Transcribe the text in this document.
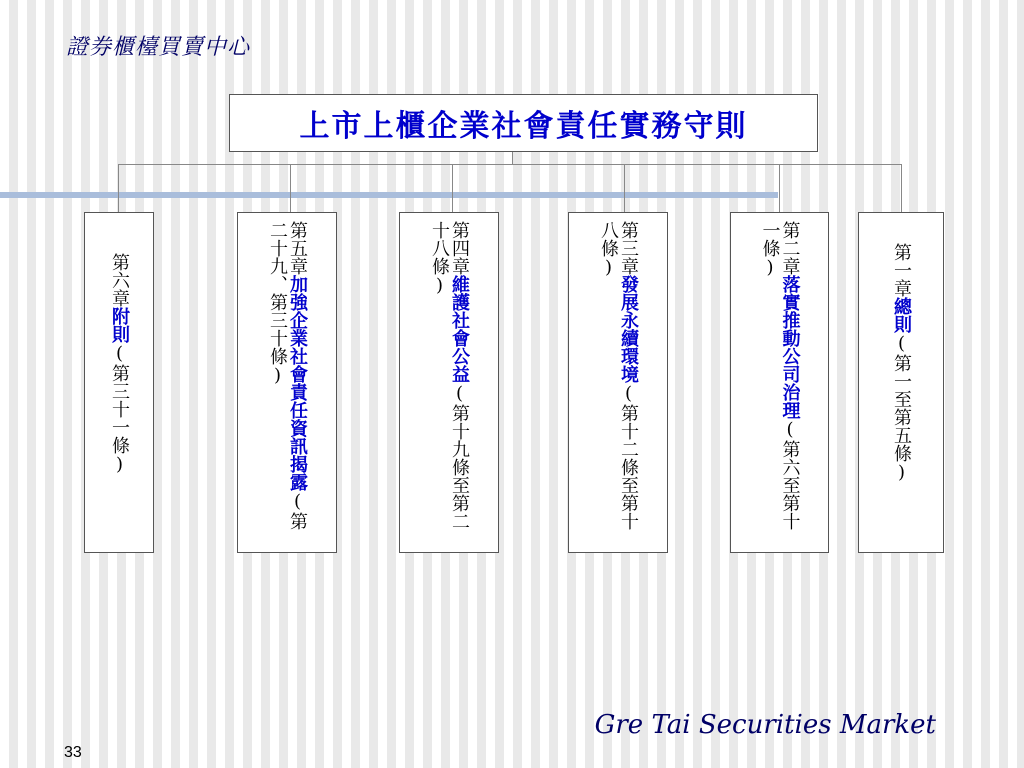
證券櫃檯買賣中心
上市上櫃企業社會責任實務守則

第六章附則(第三十一條)

第五章加強企業社會責任資訊揭露(第二十九、第三十條)	第四章維護社會公益(第十九條至第二十八條)	第三章發展永續環境(第十二條至第十八條)	第二章落實推動公司治理(第六至第十一條)	第一章總則(第一至第五條)

Gre Tai Securities Market
33
